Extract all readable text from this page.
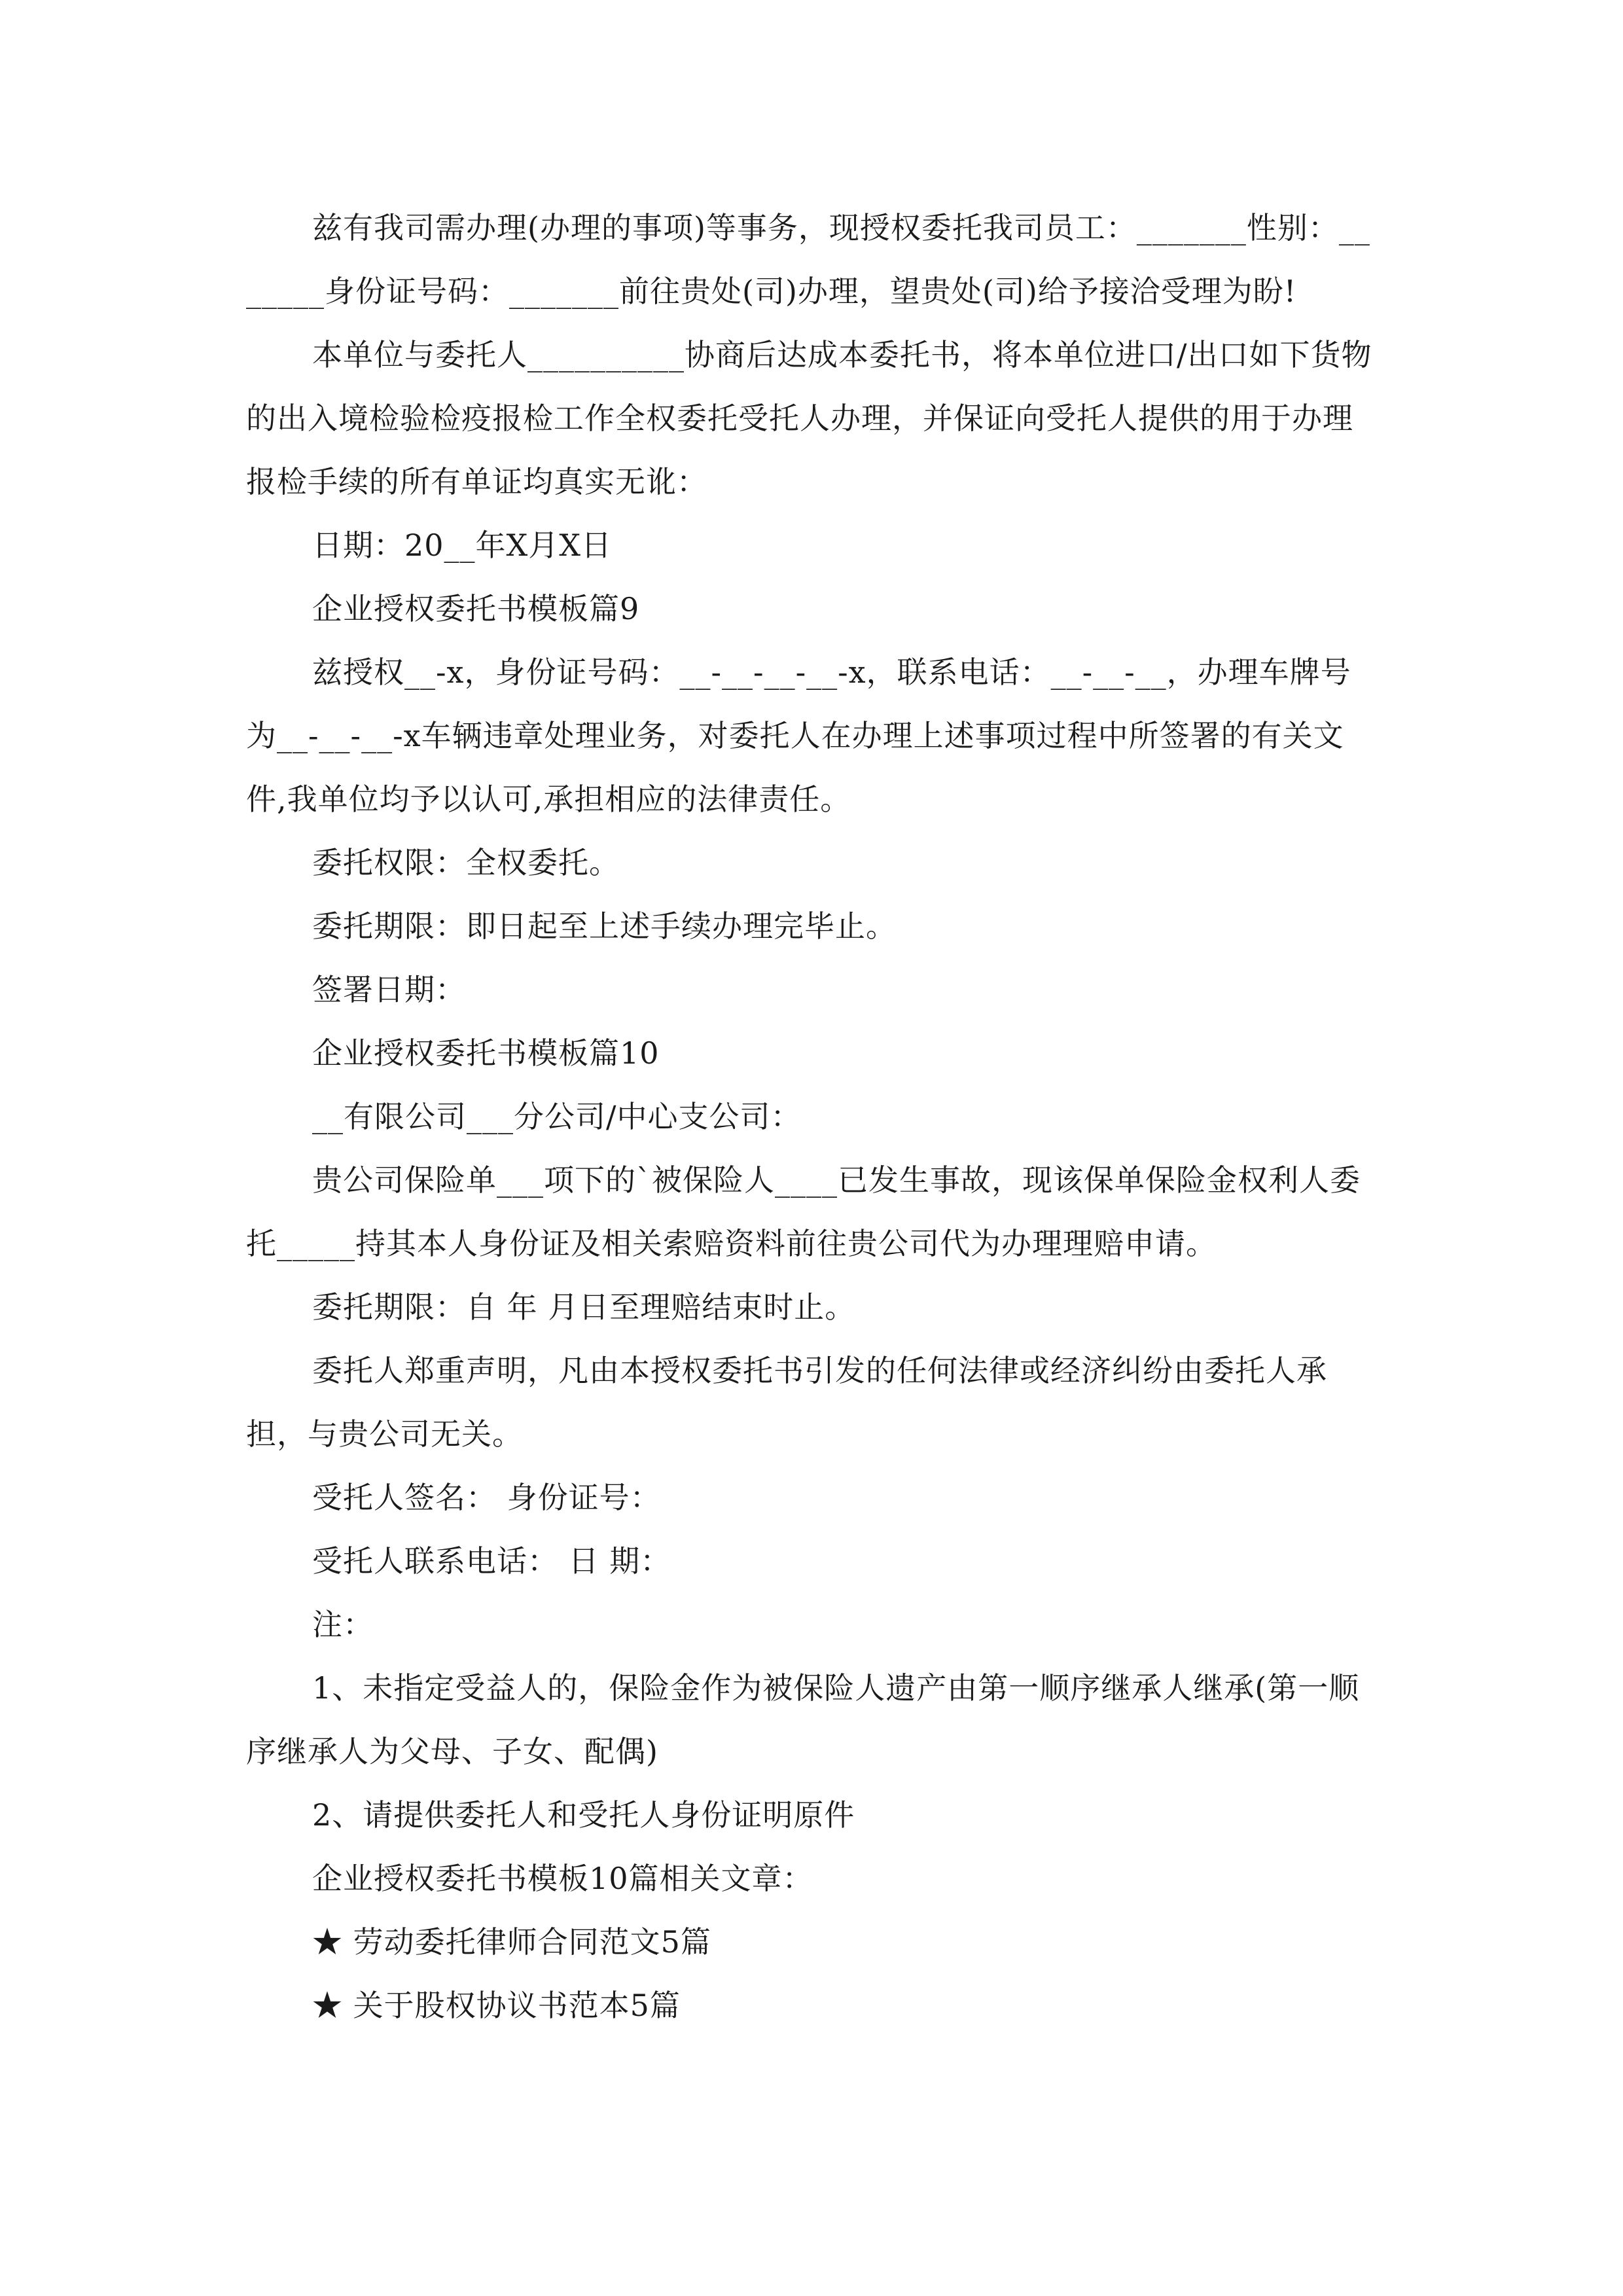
兹有我司需办理(办理的事项)等事务，现授权委托我司员工：_______性别：_______身份证号码：_______前往贵处(司)办理，望贵处(司)给予接洽受理为盼!

本单位与委托人__________协商后达成本委托书，将本单位进口/出口如下货物的出入境检验检疫报检工作全权委托受托人办理，并保证向受托人提供的用于办理报检手续的所有单证均真实无讹：

日期：20__年X月X日

企业授权委托书模板篇9

兹授权__-x，身份证号码：__-__-__-__-x，联系电话：__-__-__，办理车牌号为__-__-__-x车辆违章处理业务，对委托人在办理上述事项过程中所签署的有关文件,我单位均予以认可,承担相应的法律责任。

委托权限：全权委托。

委托期限：即日起至上述手续办理完毕止。

签署日期：

企业授权委托书模板篇10

__有限公司___分公司/中心支公司：

贵公司保险单___项下的`被保险人____已发生事故，现该保单保险金权利人委托_____持其本人身份证及相关索赔资料前往贵公司代为办理理赔申请。

委托期限：自 年 月日至理赔结束时止。

委托人郑重声明，凡由本授权委托书引发的任何法律或经济纠纷由委托人承担，与贵公司无关。

受托人签名： 身份证号：

受托人联系电话： 日 期：

注：

1、未指定受益人的，保险金作为被保险人遗产由第一顺序继承人继承(第一顺序继承人为父母、子女、配偶)

2、请提供委托人和受托人身份证明原件

企业授权委托书模板10篇相关文章：

★ 劳动委托律师合同范文5篇

★ 关于股权协议书范本5篇
